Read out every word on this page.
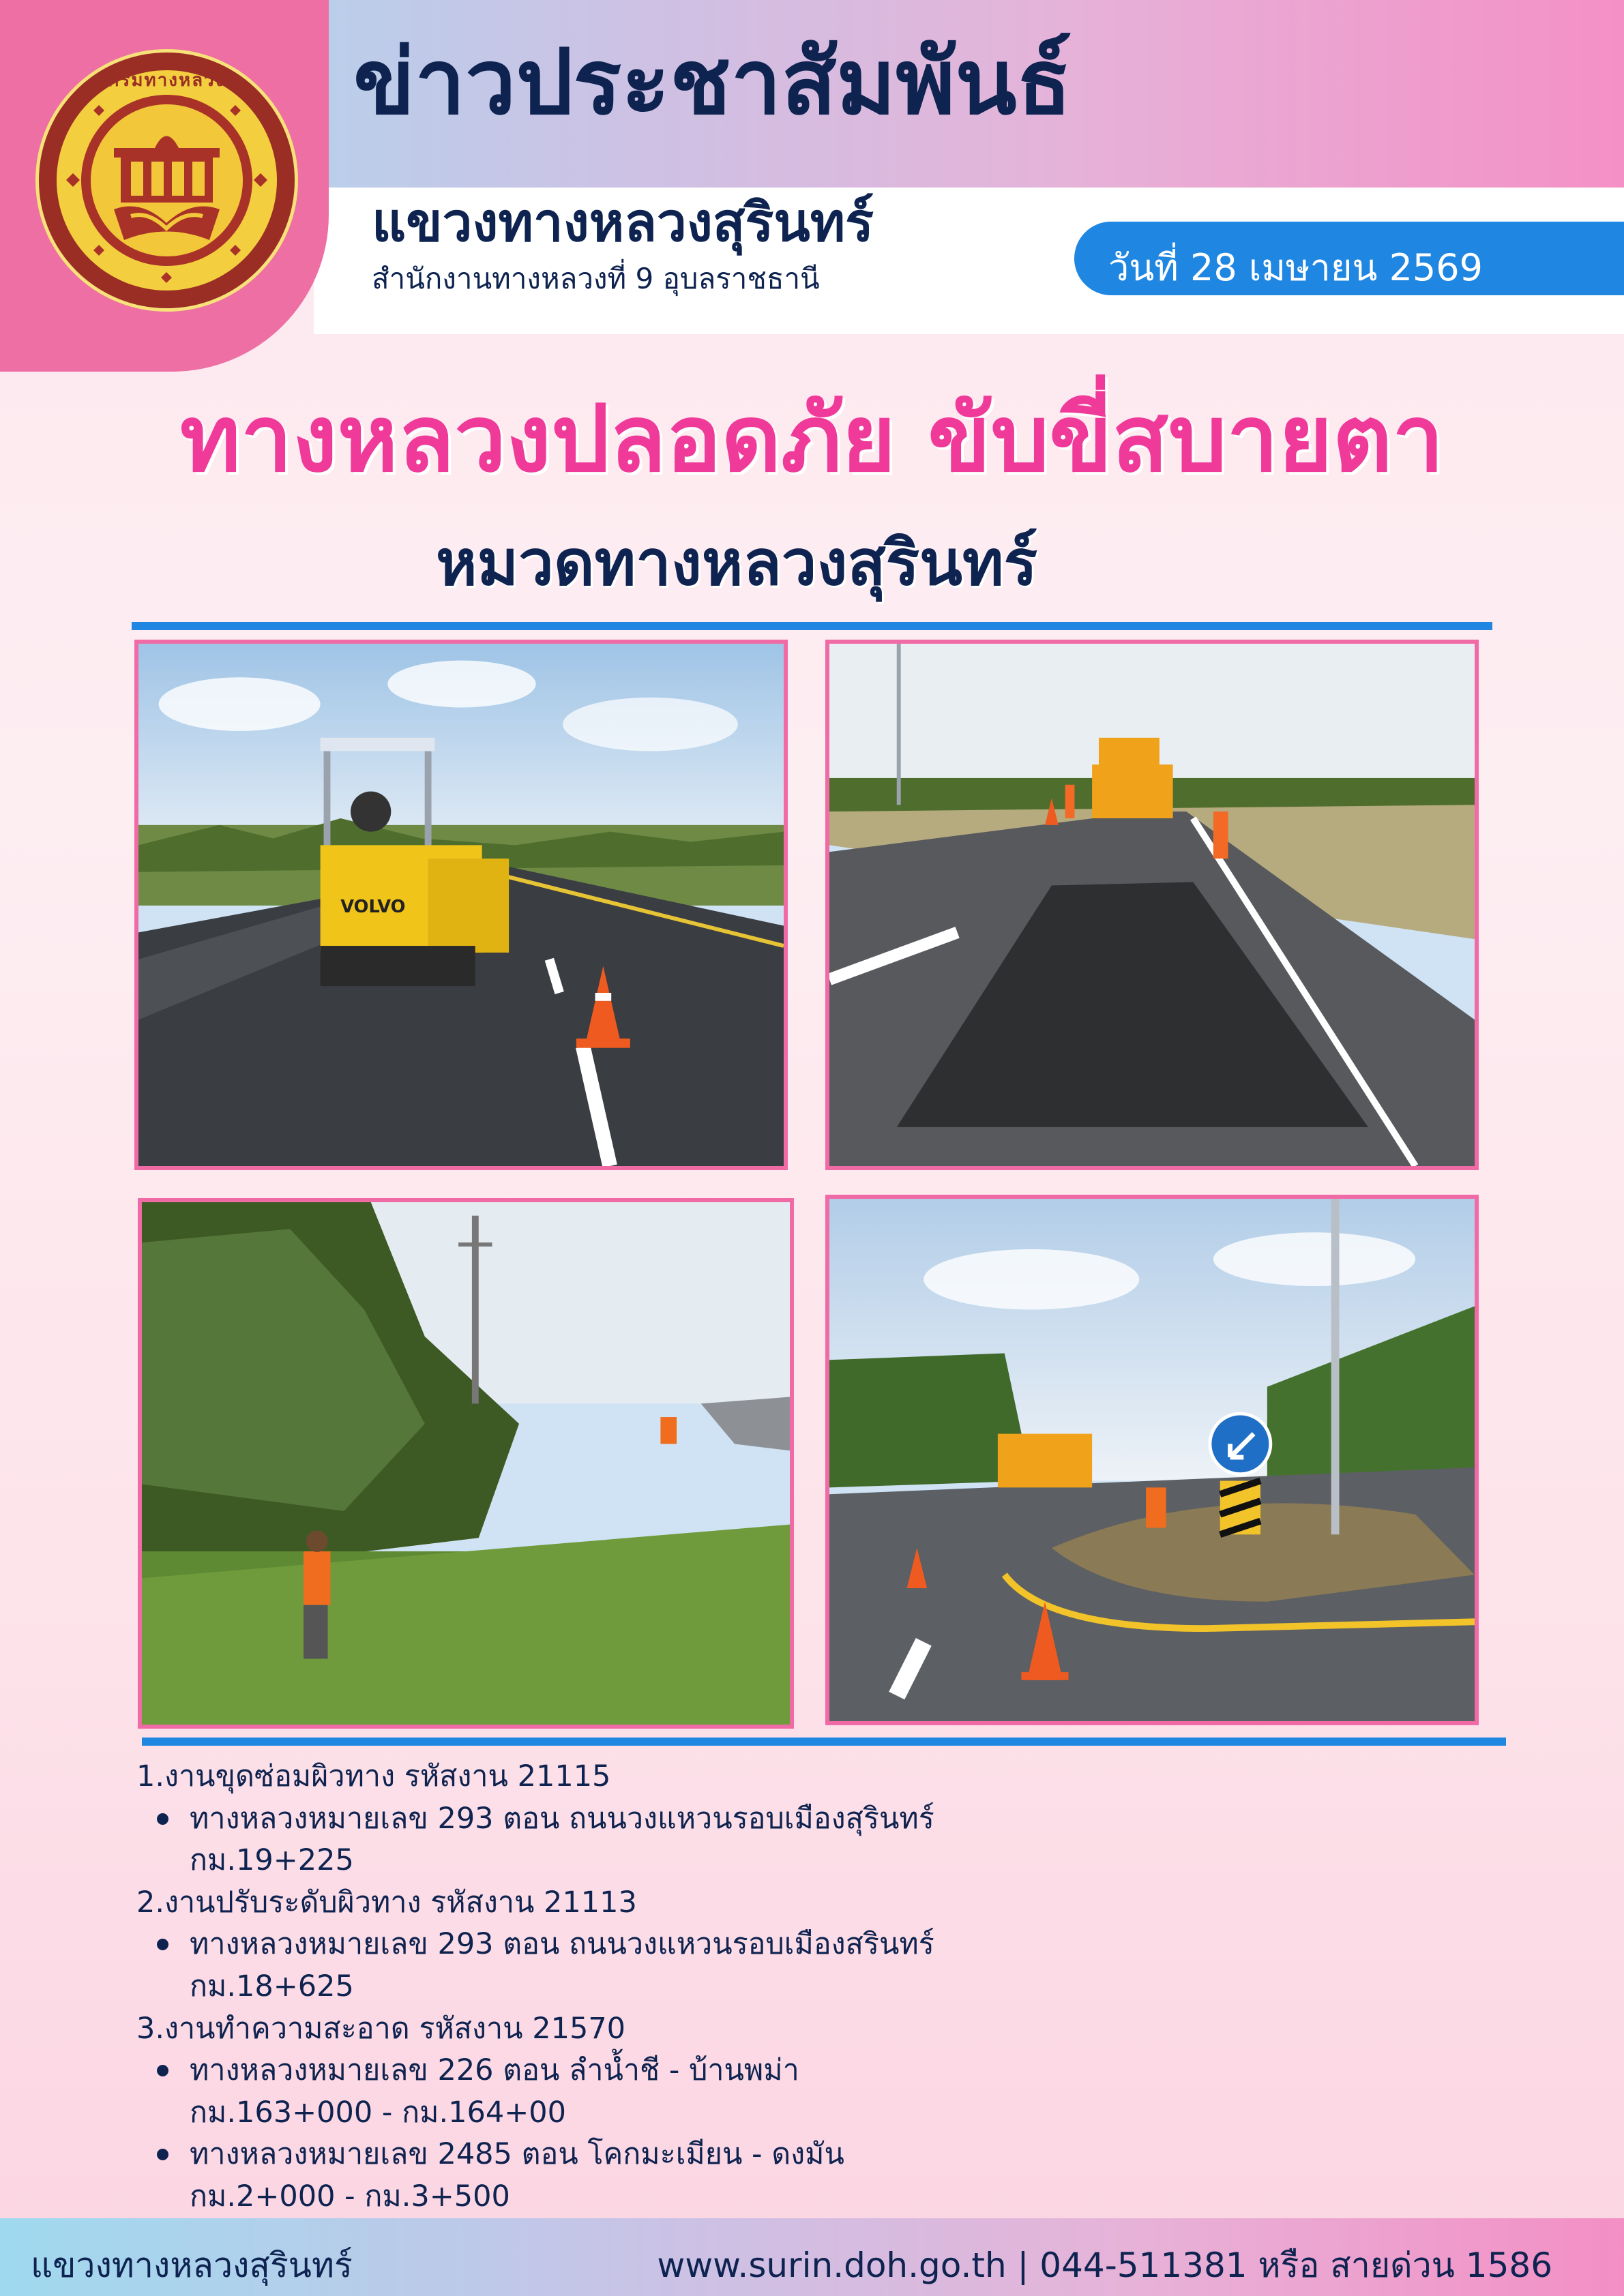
กรมทางหลวง	ข่าวประชาสัมพันธ์
แขวงทางหลวงสุรินทร์
สำนักงานทางหลวงที่ 9 อุบลราชธานี	วันที่ 28 เมษายน 2569
ทางหลวงปลอดภัย ขับขี่สบายตา
หมวดทางหลวงสุรินทร์
VOLVO

1.งานขุดซ่อมผิวทาง รหัสงาน 21115

ทางหลวงหมายเลข 293 ตอน ถนนวงแหวนรอบเมืองสุรินทร์
กม.19+225

2.งานปรับระดับผิวทาง รหัสงาน 21113

ทางหลวงหมายเลข 293 ตอน ถนนวงแหวนรอบเมืองสรินทร์
กม.18+625

3.งานทำความสะอาด รหัสงาน 21570

ทางหลวงหมายเลข 226 ตอน ลำน้ำชี - บ้านพม่า
กม.163+000 - กม.164+00
ทางหลวงหมายเลข 2485 ตอน โคกมะเมียน - ดงมัน
กม.2+000 - กม.3+500
แขวงทางหลวงสุรินทร์	www.surin.doh.go.th | 044-511381 หรือ สายด่วน 1586
